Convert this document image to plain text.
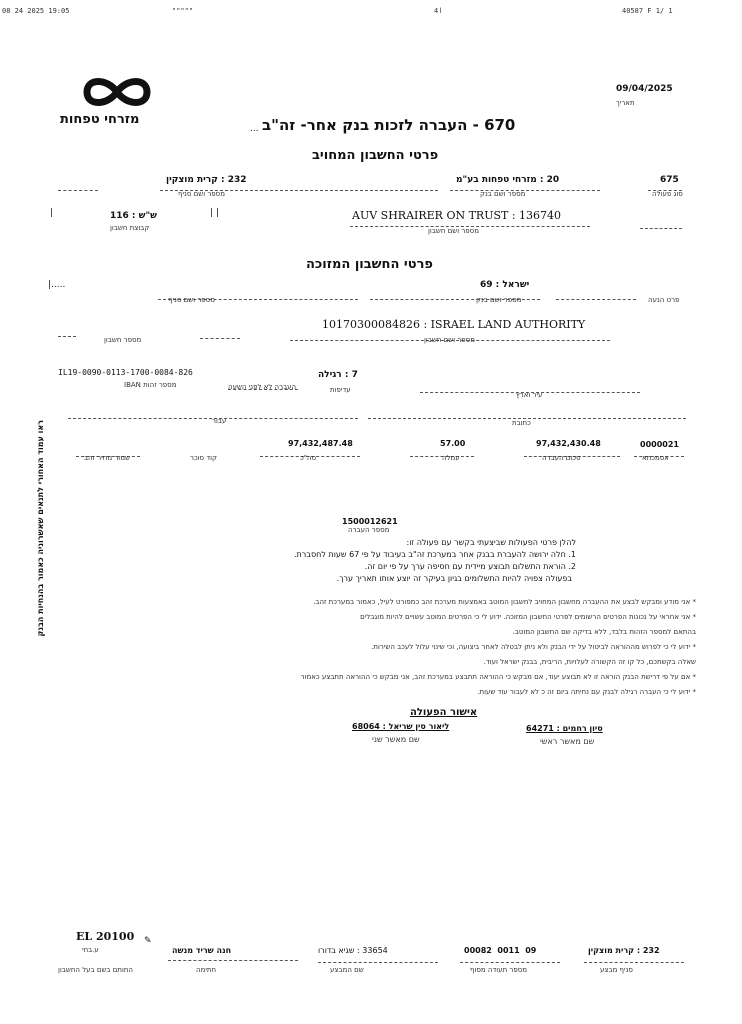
08 24 2025 19:05	"""""	ا4	40587 F 1/ 1
מזרחי טפחות
09/04/2025
תאריך
670 - העברה לזכות בנק אחר- זה"ב
...
פרטי החשבון המחויב
232 : קרית מוצקין
מספר ושם סניף
20 : מזרחי טפחות בע"מ
מספר ושם בנק
675
סוג פעולה
|	ש"ש : 116
קבוצת חשבון
| |	AUV SHRAIRER ON TRUST : 136740
מספר ושם חשבון
פרטי החשבון המזוכה
|.....
מספר ושם סניף
ישראל : 69
מספר ושם בנק	פרט הנעה
מספר חשבון
10170300084826 : ISRAEL LAND AUTHORITY
מספר ושם חשבון
IL19-0090-0113-1700-0084-826
מספר זהות IBAN	העברה לא לפני השעה
7 : רגילה
עדיפות
עיר וארץ
עבור	כתובת
שמור מחיר זהב	קוד סוכר
97,432,487.48
סה"כ
57.00
עמלה
97,432,430.48
סכום העברה
0000021
אסמכתא
ראו עמוד האחורי לתנאים שאשרוניה כאמור בהנחיות הבנק	1500012621
מספר העברה
להלן פרטי הפעולות שביצעתי בקשר עם פעולה זו:
1. חלה ירושה להעברת בבנק אחר במערכת זה"ב בעיבוד על פי 67 שעות לחסברת.
2. הוראת התשלום תבוצע מיידית עם חסיפה ערך על פי יום זה.
בפעולה צפויה להיות התשלומים בגיון בעיקר זה יוצע אותו תאריך ערך.
* אני מודע ומבקש לבצע את ההעברה מחשבון המחויב לחשבון המוטב באמצעות מערכת זהב כמפורט לעיל, כאמור במערכת זהב.
* אני אחראי על נכונות הפרטים הרשומים לפרטי החשבון המזוכה. ידוע לי כי הפרטים המוטב עשויים להיות מוגבלים
בהתאם למספר הזהות בלבד, ללא בדיקה שם החשבון המוטב.
* ידוע לי כי לפרוש מההוראה לביטול על ידי הבנק ולא ניתן לבטלה לאחר ביצועה, וכי שינוי עלול לעכב השירות.
שאלה בקשתכם, כל קו זה הקשורה לעלויות, הריבית, בבנק ישראל ועוד.
* אם על פי דרישת הבנק הוראה זו לא תבוצע יעוד, אם מבקש כי ההוראה תתבצע במערכת זהב, אני מבקש כי ההוראה תתבצע כאמור
* ידוע לי כי העברה רגילה לבנק עם נחיתה ביום זה כ לא לעבור עוד שעות.
אישור הפעולה
סיון רחמים : 64271
שם מאשר ראשי
ליאור סין שריאל : 68064
שם מאשר שני
EL 20100
ע.בחי
✎
חנה שריד מנשה
חתימה
החותם בשם בעל החשבון
33654 : שגיא בדורו
שם המבצע
00082  0011  09
מספר תעודה מסוף
232 : קרית מוצקין
סניף מבצע
